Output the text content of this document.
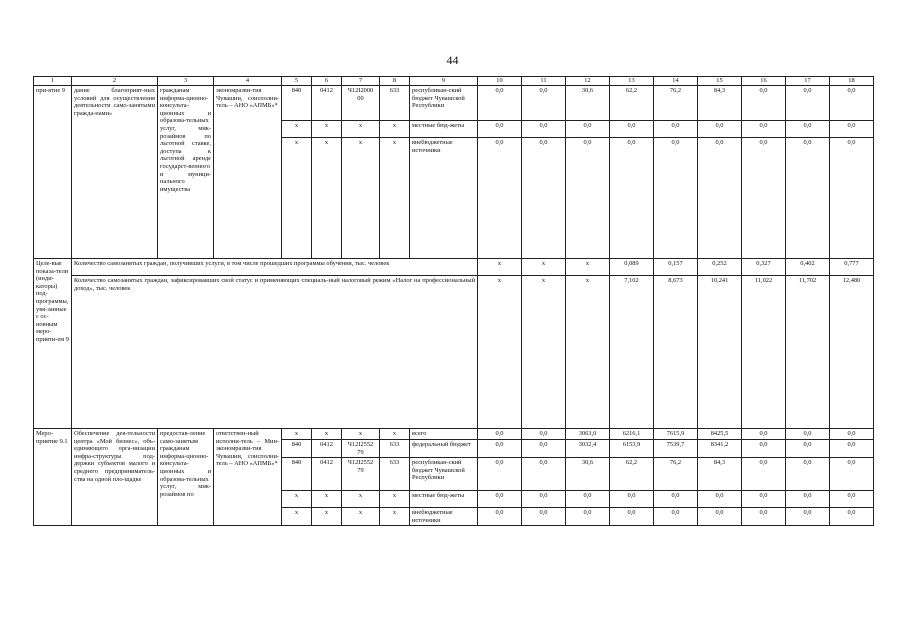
44
1	2	3	4	5	6	7	8	9	10	11	12	13	14	15	16	17	18	
при-ятие 9	дание благоприят-ных условий для осуществления деятельности само-занятыми гражда-нами»	гражданам информа-ционно-консульта-ционных и образова-тельных услуг, мик-розаймов по льготной ставке, доступа к льготной аренде государст-венного и муници-пального имущества	экономразви-тия Чувашии, соисполни-тель – АНО «АПМБ»*	840	0412	Ч12I2000 00	633	республикан-ский бюджет Чувашской Республики	0,0	0,0	30,6	62,2	76,2	84,3	0,0	0,0	0,0	
				x	x	x	x	местные бюд-жеты	0,0	0,0	0,0	0,0	0,0	0,0	0,0	0,0	0,0	
				x	x	x	x	внебюджетные источники	0,0	0,0	0,0	0,0	0,0	0,0	0,0	0,0	0,0	
Целе-вые показа-тели (инди-каторы) под-программы, увя-занные с ос-новным меро-прияти-ем 9	Количество самозанятых граждан, получивших услуги, в том числе прошедших программы обучения, тыс. человек								x	x	x	0,089	0,157	0,252	0,327	0,402	0,777	
	Количество самозанятых граждан, зафиксировавших свой статус и применяющих специаль-ный налоговый режим «Налог на профессиональный доход», тыс. человек								x	x	x	7,102	8,673	10,241	11,022	11,702	12,480	
Меро-приятие 9.1	Обеспечение дея-тельности центра «Мой бизнес», объ-единяющего орга-низации инфра-структуры под-держки субъектов малого и среднего предприниматель-ства на одной пло-щадке	предостав-ление само-занятым гражданам информа-ционно-консульта-ционных и образова-тельных услуг, мик-розаймов по	ответствен-ный исполни-тель – Мин-экономразви-тия Чувашии, соисполни-тель – АНО «АПМБ»*	x	x	x	x	всего	0,0	0,0	3063,0	6216,1	7615,9	8425,5	0,0	0,0	0,0	
				840	0412	Ч12I2552 79	633	федеральный бюджет	0,0	0,0	3032,4	6153,9	7539,7	8341,2	0,0	0,0	0,0	
				840	0412	Ч12I2552 79	633	республикан-ский бюджет Чувашской Республики	0,0	0,0	30,6	62,2	76,2	84,3	0,0	0,0	0,0	
				x	x	x	x	местные бюд-жеты	0,0	0,0	0,0	0,0	0,0	0,0	0,0	0,0	0,0	
				x	x	x	x	внебюджетные источники	0,0	0,0	0,0	0,0	0,0	0,0	0,0	0,0	0,0	
